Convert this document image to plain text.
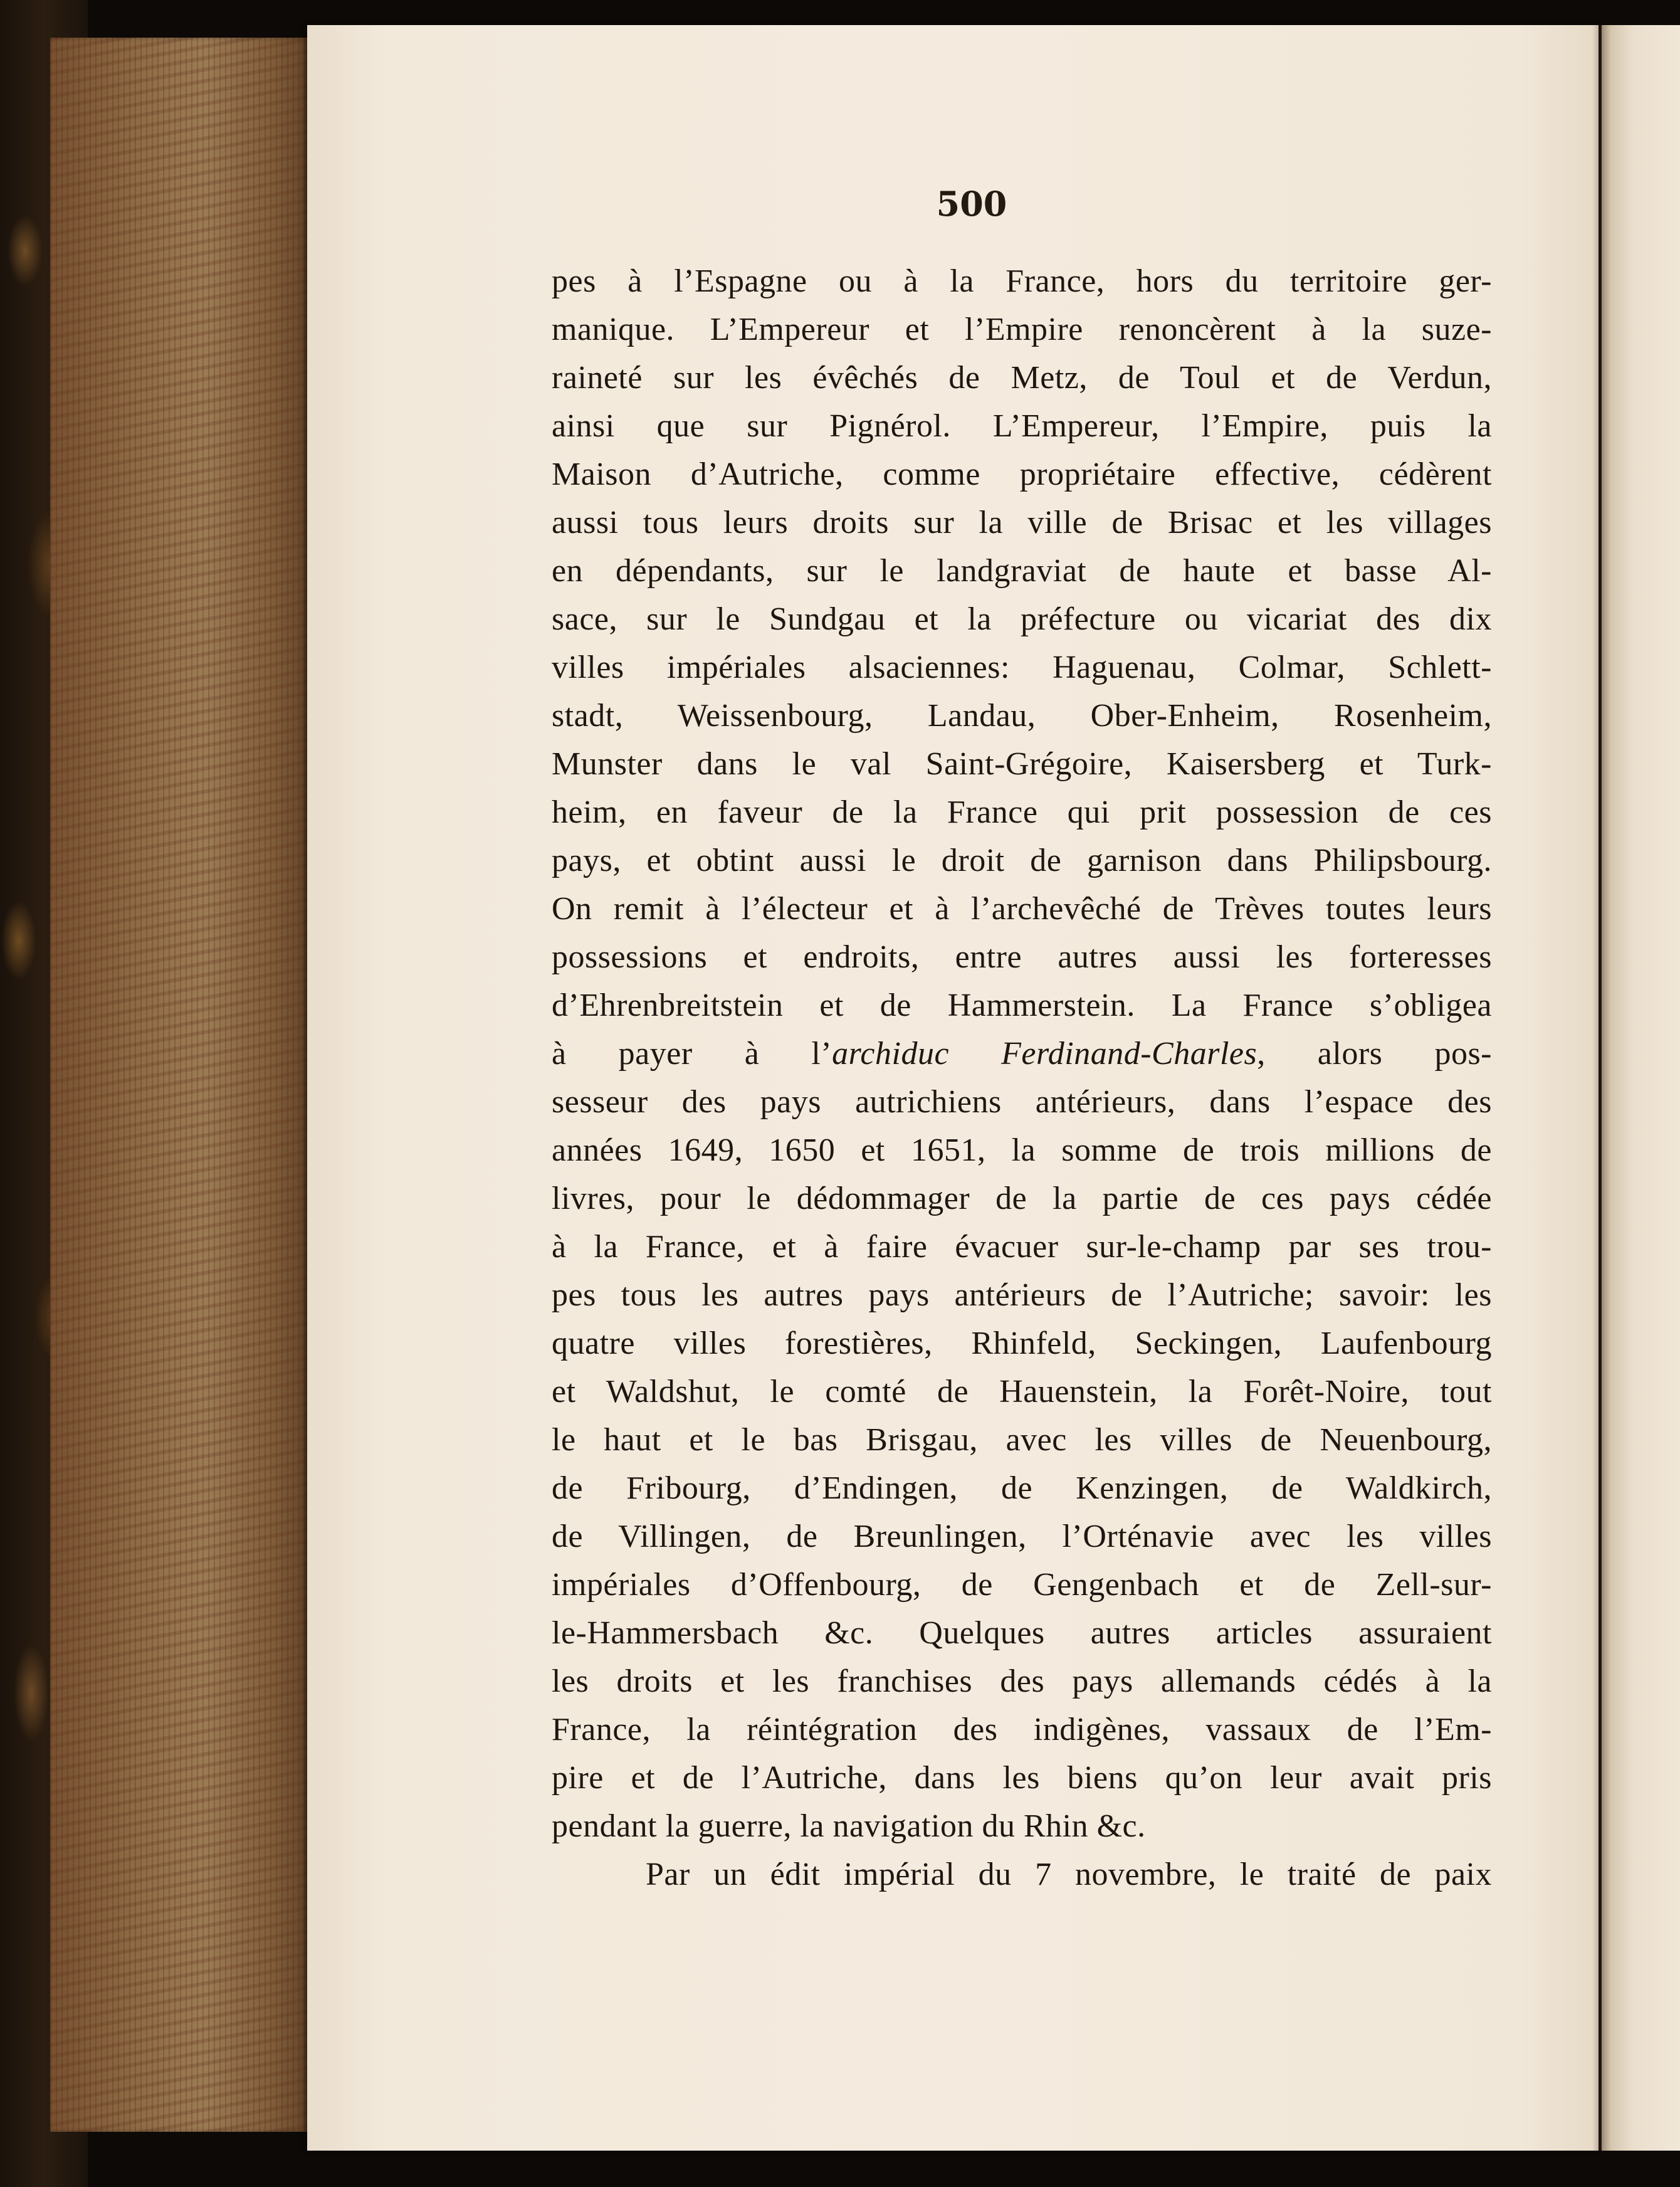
500
pes à l’Espagne ou à la France, hors du territoire ger-
manique. L’Empereur et l’Empire renoncèrent à la suze-
raineté sur les évêchés de Metz, de Toul et de Verdun,
ainsi que sur Pignérol. L’Empereur, l’Empire, puis la
Maison d’Autriche, comme propriétaire effective, cédèrent
aussi tous leurs droits sur la ville de Brisac et les villages
en dépendants, sur le landgraviat de haute et basse Al-
sace, sur le Sundgau et la préfecture ou vicariat des dix
villes impériales alsaciennes: Haguenau, Colmar, Schlett-
stadt, Weissenbourg, Landau, Ober-Enheim, Rosenheim,
Munster dans le val Saint-Grégoire, Kaisersberg et Turk-
heim, en faveur de la France qui prit possession de ces
pays, et obtint aussi le droit de garnison dans Philipsbourg.
On remit à l’électeur et à l’archevêché de Trèves toutes leurs
possessions et endroits, entre autres aussi les forteresses
d’Ehrenbreitstein et de Hammerstein. La France s’obligea
à payer à l’archiduc Ferdinand-Charles, alors pos-
sesseur des pays autrichiens antérieurs, dans l’espace des
années 1649, 1650 et 1651, la somme de trois millions de
livres, pour le dédommager de la partie de ces pays cédée
à la France, et à faire évacuer sur-le-champ par ses trou-
pes tous les autres pays antérieurs de l’Autriche; savoir: les
quatre villes forestières, Rhinfeld, Seckingen, Laufenbourg
et Waldshut, le comté de Hauenstein, la Forêt-Noire, tout
le haut et le bas Brisgau, avec les villes de Neuenbourg,
de Fribourg, d’Endingen, de Kenzingen, de Waldkirch,
de Villingen, de Breunlingen, l’Orténavie avec les villes
impériales d’Offenbourg, de Gengenbach et de Zell-sur-
le-Hammersbach &c. Quelques autres articles assuraient
les droits et les franchises des pays allemands cédés à la
France, la réintégration des indigènes, vassaux de l’Em-
pire et de l’Autriche, dans les biens qu’on leur avait pris
pendant la guerre, la navigation du Rhin &c.
Par un édit impérial du 7 novembre, le traité de paix
